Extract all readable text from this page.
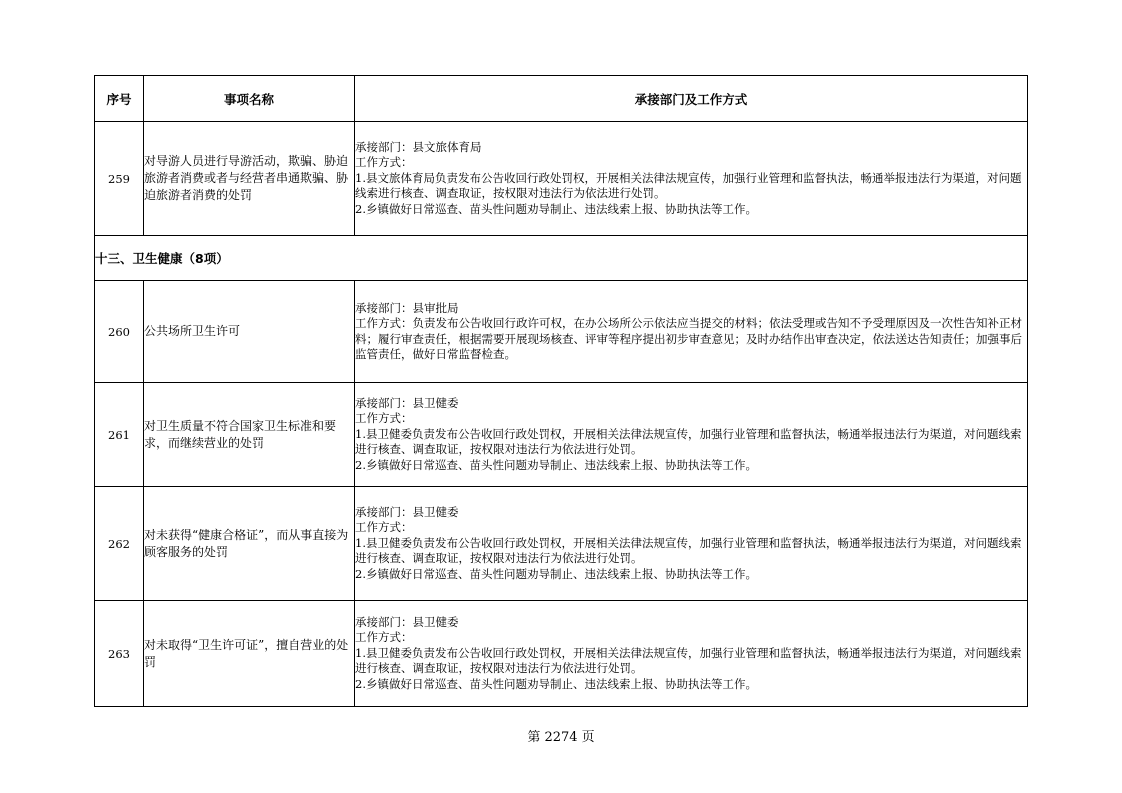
序号	事项名称	承接部门及工作方式
259	对导游人员进行导游活动，欺骗、胁迫旅游者消费或者与经营者串通欺骗、胁迫旅游者消费的处罚	承接部门：县文旅体育局
工作方式：
1.县文旅体育局负责发布公告收回行政处罚权，开展相关法律法规宣传，加强行业管理和监督执法，畅通举报违法行为渠道，对问题线索进行核查、调查取证，按权限对违法行为依法进行处罚。
2.乡镇做好日常巡查、苗头性问题劝导制止、违法线索上报、协助执法等工作。

十三、卫生健康（8项）		
260	公共场所卫生许可	承接部门：县审批局
工作方式：负责发布公告收回行政许可权，在办公场所公示依法应当提交的材料；依法受理或告知不予受理原因及一次性告知补正材料；履行审查责任，根据需要开展现场核查、评审等程序提出初步审查意见；及时办结作出审查决定，依法送达告知责任；加强事后监管责任，做好日常监督检查。

261	对卫生质量不符合国家卫生标准和要求，而继续营业的处罚	承接部门：县卫健委
工作方式：
1.县卫健委负责发布公告收回行政处罚权，开展相关法律法规宣传，加强行业管理和监督执法，畅通举报违法行为渠道，对问题线索进行核查、调查取证，按权限对违法行为依法进行处罚。
2.乡镇做好日常巡查、苗头性问题劝导制止、违法线索上报、协助执法等工作。

262	对未获得“健康合格证”，而从事直接为顾客服务的处罚	承接部门：县卫健委
工作方式：
1.县卫健委负责发布公告收回行政处罚权，开展相关法律法规宣传，加强行业管理和监督执法，畅通举报违法行为渠道，对问题线索进行核查、调查取证，按权限对违法行为依法进行处罚。
2.乡镇做好日常巡查、苗头性问题劝导制止、违法线索上报、协助执法等工作。

263	对未取得“卫生许可证”，擅自营业的处罚	承接部门：县卫健委
工作方式：
1.县卫健委负责发布公告收回行政处罚权，开展相关法律法规宣传，加强行业管理和监督执法，畅通举报违法行为渠道，对问题线索进行核查、调查取证，按权限对违法行为依法进行处罚。
2.乡镇做好日常巡查、苗头性问题劝导制止、违法线索上报、协助执法等工作。
第 2274 页
